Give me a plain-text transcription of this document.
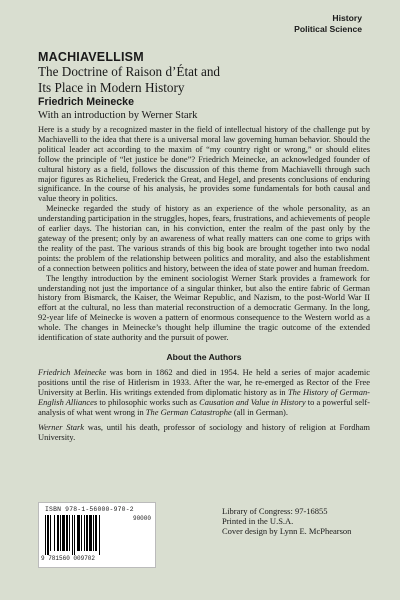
History
Political Science
MACHIAVELLISM
The Doctrine of Raison d’État and
Its Place in Modern History
Friedrich Meinecke
With an introduction by Werner Stark

Here is a study by a recognized master in the field of intellectual history of the challenge put by Machiavelli to the idea that there is a universal moral law governing human behavior. Should the political leader act according to the maxim of “my country right or wrong,” or should elites follow the principle of “let justice be done”? Friedrich Meinecke, an acknowledged founder of cultural history as a field, follows the discussion of this theme from Machiavelli through such major figures as Richelieu, Frederick the Great, and Hegel, and presents conclusions of enduring significance. In the course of his analysis, he provides some fundamentals for both causal and value theory in politics.

Meinecke regarded the study of history as an experience of the whole personality, as an understanding participation in the struggles, hopes, fears, frustrations, and achievements of people of earlier days. The historian can, in his conviction, enter the realm of the past only by the gateway of the present; only by an awareness of what really matters can one come to grips with the reality of the past. The various strands of this big book are brought together into two nodal points: the problem of the relationship between politics and morality, and also the establishment of a connection between politics and history, between the idea of state power and human freedom.

The lengthy introduction by the eminent sociologist Werner Stark provides a framework for understanding not just the importance of a singular thinker, but also the entire fabric of German history from Bismarck, the Kaiser, the Weimar Republic, and Nazism, to the post-World War II effort at the cultural, no less than material reconstruction of a democratic Germany. In the long, 92-year life of Meinecke is woven a pattern of enormous consequence to the Western world as a whole. The changes in Meinecke’s thought help illumine the tragic outcome of the extended identification of state authority and the pursuit of power.

About the Authors

Friedrich Meinecke was born in 1862 and died in 1954. He held a series of major academic positions until the rise of Hitlerism in 1933. After the war, he re-emerged as Rector of the Free University at Berlin. His writings extended from diplomatic history as in The History of German-English Alliances to philosophic works such as Causation and Value in History to a powerful self-analysis of what went wrong in The German Catastrophe (all in German).

Werner Stark was, until his death, professor of sociology and history of religion at Fordham University.

ISBN 978-1-56000-970-2
90000
9 781560 009702
Library of Congress: 97-16855
Printed in the U.S.A.
Cover design by Lynn E. McPhearson
